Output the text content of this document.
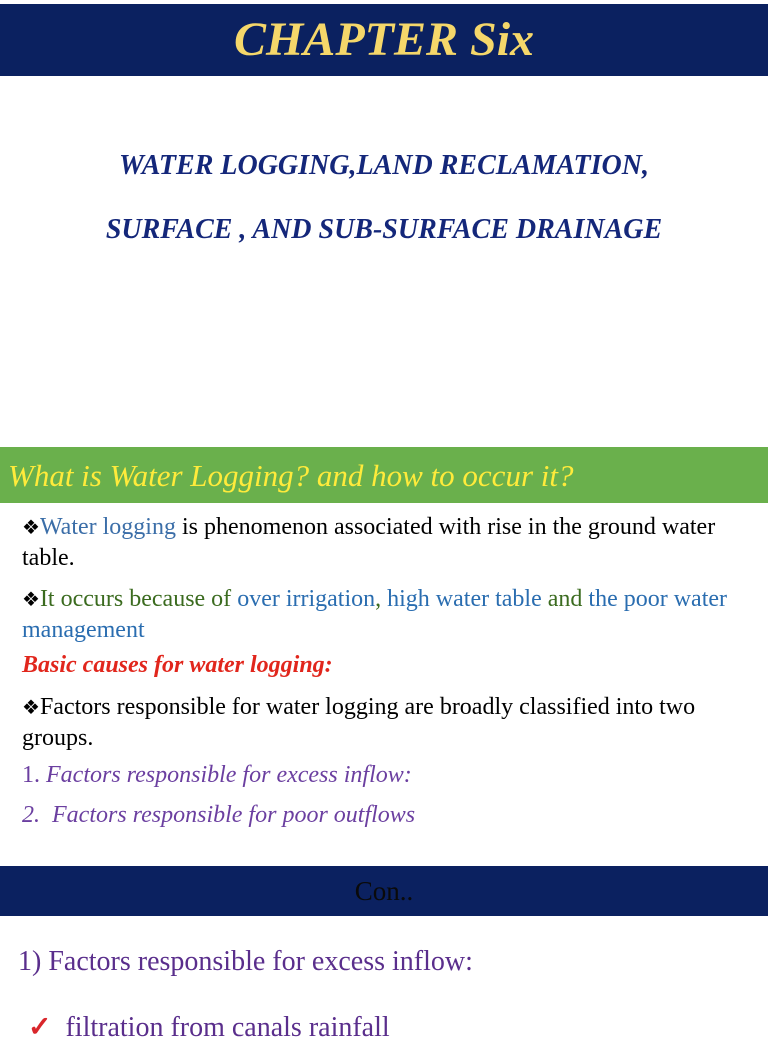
CHAPTER Six
WATER LOGGING,LAND RECLAMATION,
SURFACE , AND SUB-SURFACE DRAINAGE
What is Water Logging? and how to occur it?
❖Water logging is phenomenon associated with rise in the ground water table.
❖It occurs because of over irrigation, high water table and the poor water management
Basic causes for water logging:
❖Factors responsible for water logging are broadly classified into two groups.
1. Factors responsible for excess inflow:
2. Factors responsible for poor outflows
Con..
1) Factors responsible for excess inflow:
✓ filtration from canals rainfall
